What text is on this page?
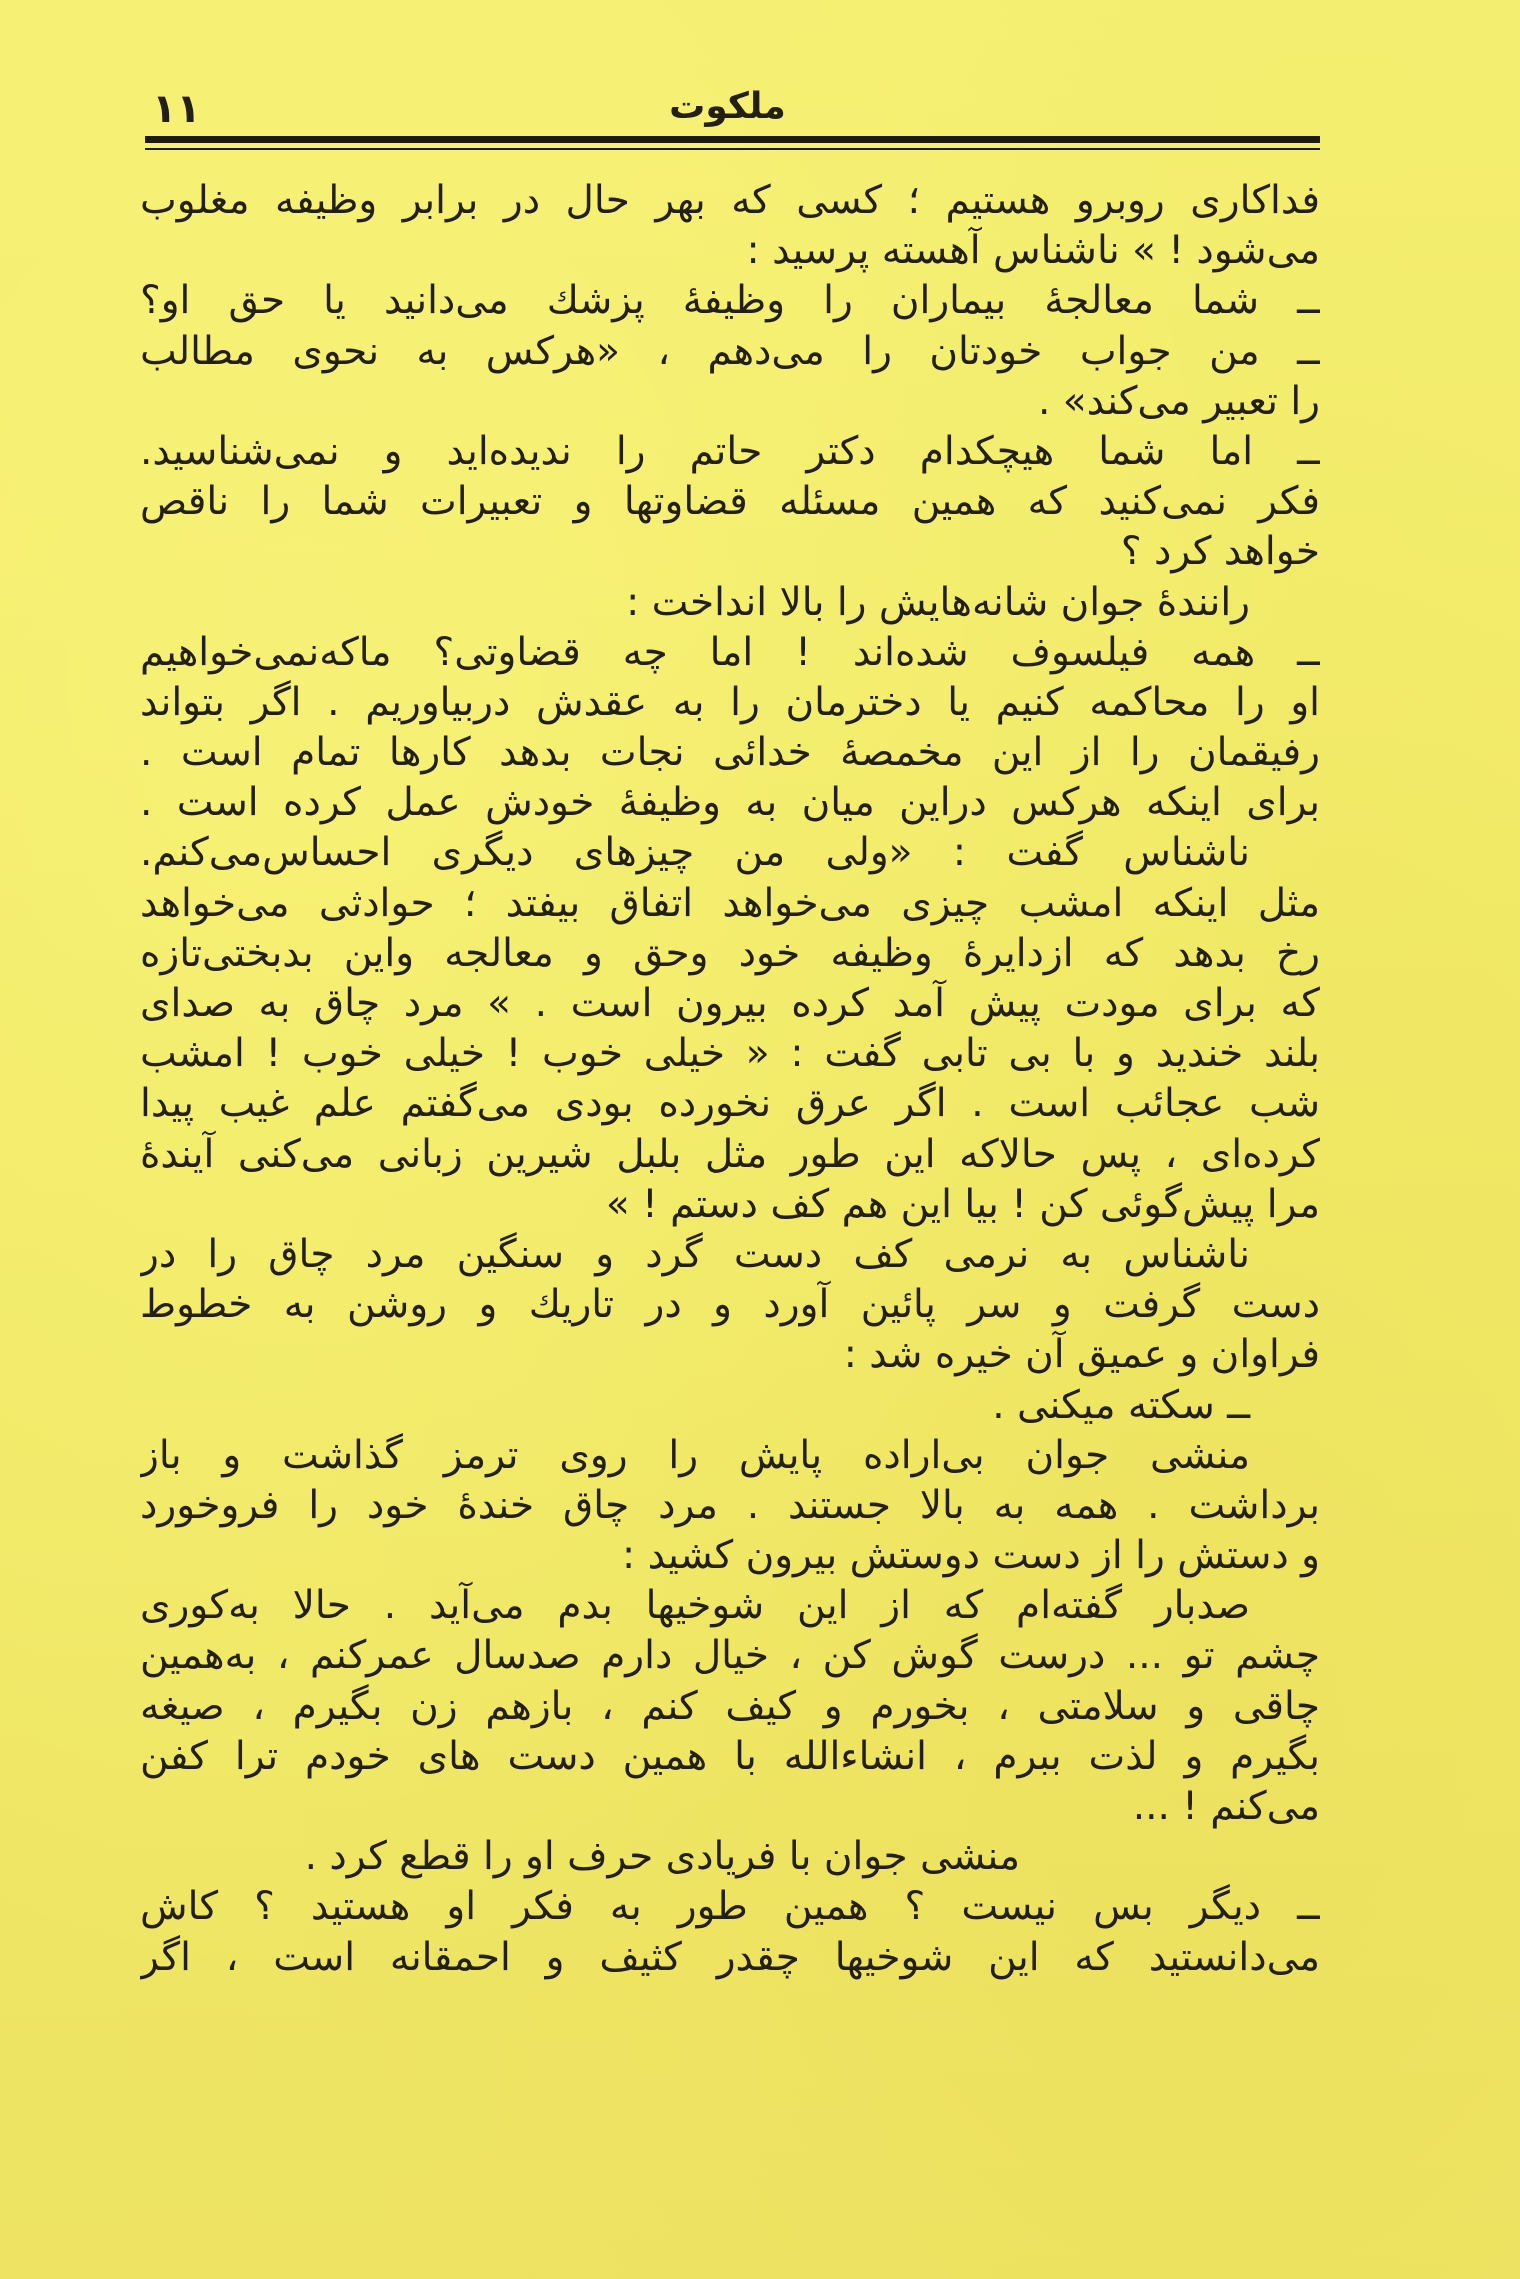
۱۱	ملکوت
فداکاری روبرو هستیم ؛ کسی که بهر حال در برابر وظیفه مغلوب
می‌شود ! » ناشناس آهسته پرسید :
ــ شما معالجهٔ بیماران را وظیفهٔ پزشك می‌دانید یا حق او؟
ــ من جواب خودتان را می‌دهم ، «هرکس به نحوی مطالب
را تعبیر می‌کند» .
ــ اما شما هیچکدام دکتر حاتم را ندیده‌اید و نمی‌شناسید.
فکر نمی‌کنید که همین مسئله قضاوتها و تعبیرات شما را ناقص
خواهد کرد ؟
رانندهٔ جوان شانه‌هایش را بالا انداخت :
ــ همه فیلسوف شده‌اند ! اما چه قضاوتی؟ ماکه‌نمی‌خواهیم
او را محاکمه کنیم یا دخترمان را به عقدش دربیاوریم . اگر بتواند
رفیقمان را از این مخمصهٔ خدائی نجات بدهد کارها تمام است .
برای اینکه هرکس دراین میان به وظیفهٔ خودش عمل کرده است .
ناشناس گفت : «ولی من چیزهای دیگری احساس‌می‌کنم.
مثل اینکه امشب چیزی می‌خواهد اتفاق بیفتد ؛ حوادثی می‌خواهد
رخ بدهد که ازدایرهٔ وظیفه خود وحق و معالجه واین بدبختی‌تازه
که برای مودت پیش آمد کرده بیرون است . » مرد چاق به صدای
بلند خندید و با بی تابی گفت : « خیلی خوب ! خیلی خوب ! امشب
شب عجائب است . اگر عرق نخورده بودی می‌گفتم علم غیب پیدا
کرده‌ای ، پس حالاکه این طور مثل بلبل شیرین زبانی می‌کنی آیندهٔ
مرا پیش‌گوئی کن ! بیا این هم کف دستم ! »
ناشناس به نرمی کف دست گرد و سنگین مرد چاق را در
دست گرفت و سر پائین آورد و در تاریك و روشن به خطوط
فراوان و عمیق آن خیره شد :
ــ سکته میکنی .
منشی جوان بی‌اراده پایش را روی ترمز گذاشت و باز
برداشت . همه به بالا جستند . مرد چاق خندهٔ خود را فروخورد
و دستش را از دست دوستش بیرون کشید :
صدبار گفته‌ام که از این شوخیها بدم می‌آید . حالا به‌کوری
چشم تو ... درست گوش کن ، خیال دارم صدسال عمرکنم ، به‌همین
چاقی و سلامتی ، بخورم و کیف کنم ، بازهم زن بگیرم ، صیغه
بگیرم و لذت ببرم ، انشاءالله با همین دست های خودم ترا کفن
می‌کنم ! ...
منشی جوان با فریادی حرف او را قطع کرد .
ــ دیگر بس نیست ؟ همین طور به فکر او هستید ؟ کاش
می‌دانستید که این شوخیها چقدر کثیف و احمقانه است ، اگر
